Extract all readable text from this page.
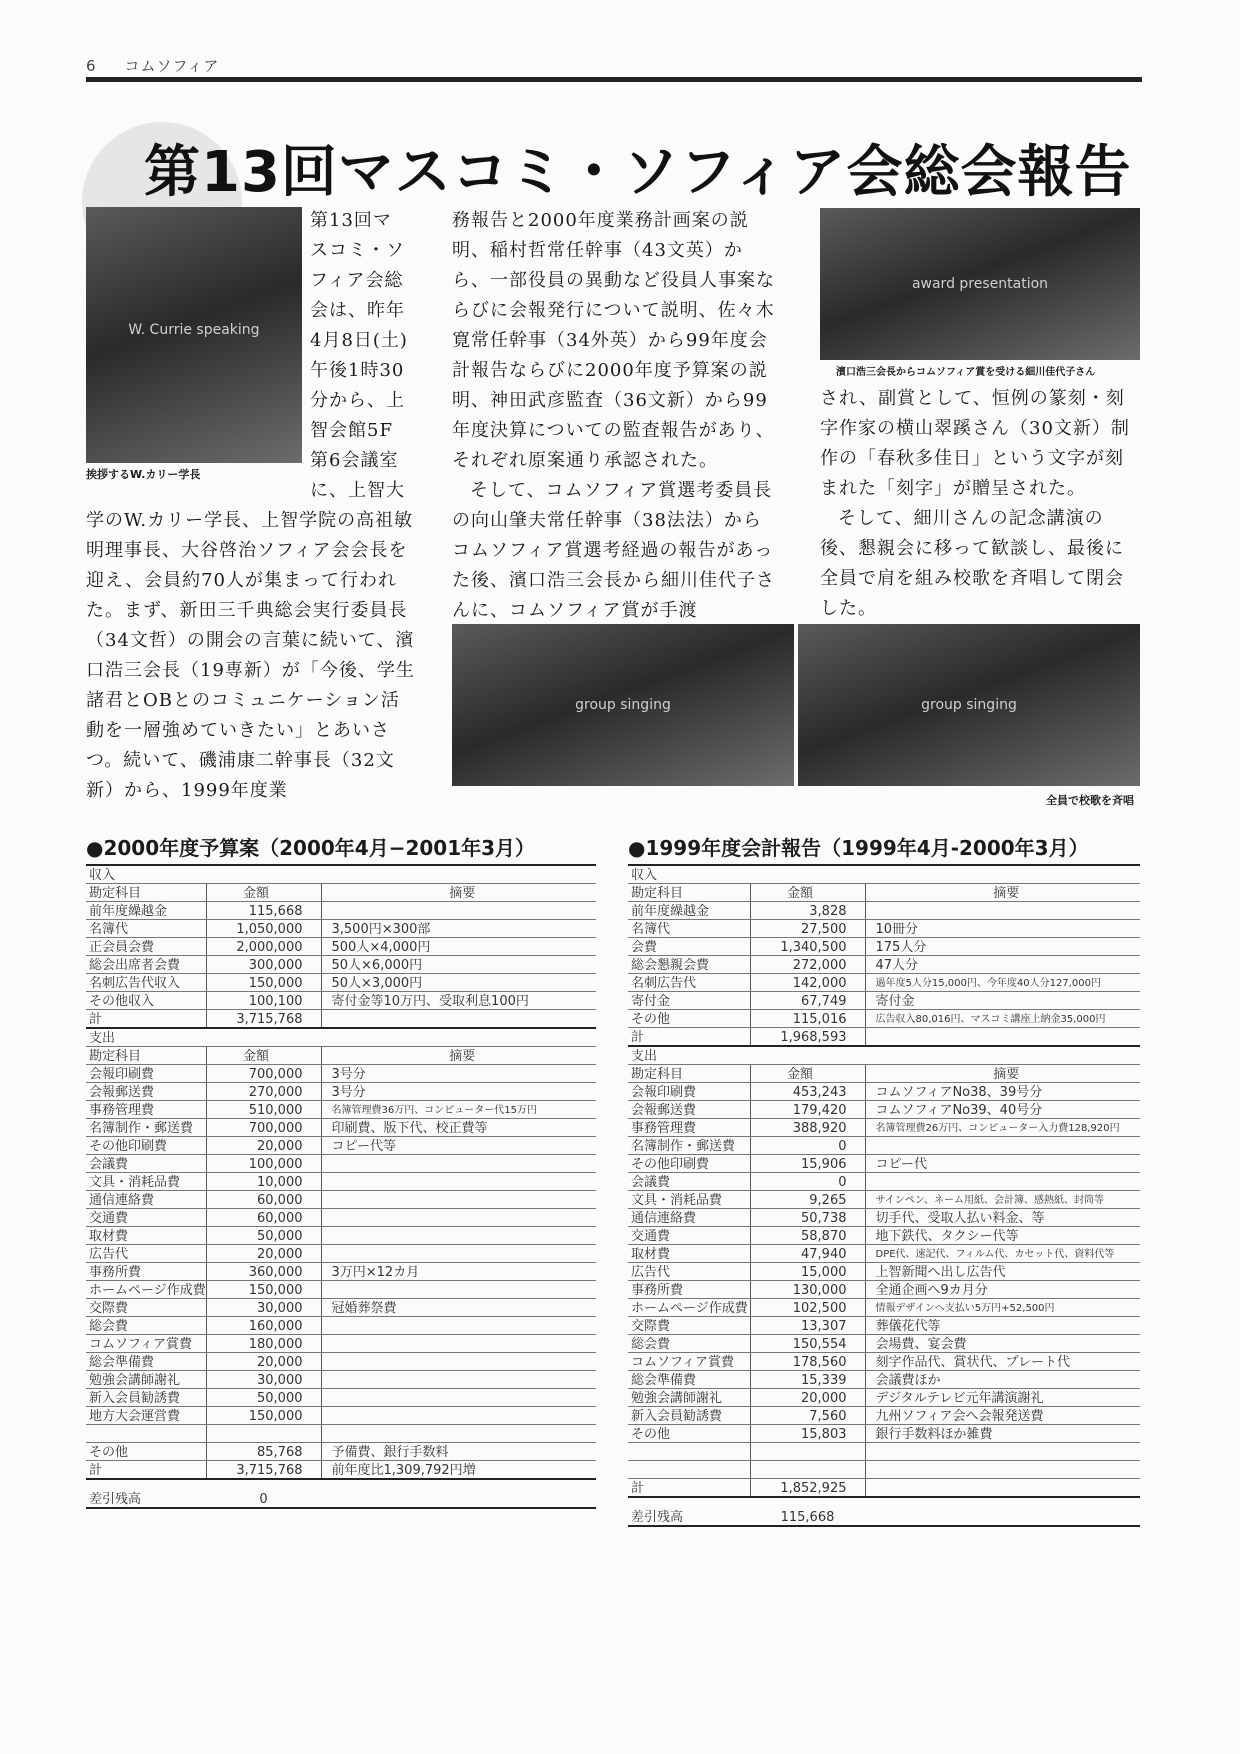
6 コムソフィア
第13回マスコミ・ソフィア会総会報告
W. Currie speaking
挨拶するW.カリー学長
第13回マ
スコミ・ソ
フィア会総
会は、昨年
4月8日(土)
午後1時30
分から、上
智会館5F
第6会議室
に、上智大

学のW.カリー学長、上智学院の高祖敏明理事長、大谷啓治ソフィア会会長を迎え、会員約70人が集まって行われた。まず、新田三千典総会実行委員長（34文哲）の開会の言葉に続いて、濱口浩三会長（19専新）が「今後、学生諸君とOBとのコミュニケーション活動を一層強めていきたい」とあいさつ。続いて、磯浦康二幹事長（32文新）から、1999年度業

務報告と2000年度業務計画案の説明、稲村哲常任幹事（43文英）から、一部役員の異動など役員人事案ならびに会報発行について説明、佐々木寛常任幹事（34外英）から99年度会計報告ならびに2000年度予算案の説明、神田武彦監査（36文新）から99年度決算についての監査報告があり、それぞれ原案通り承認された。

そして、コムソフィア賞選考委員長の向山肇夫常任幹事（38法法）からコムソフィア賞選考経過の報告があった後、濱口浩三会長から細川佳代子さんに、コムソフィア賞が手渡

award presentation
濱口浩三会長からコムソフィア賞を受ける細川佳代子さん

され、副賞として、恒例の篆刻・刻字作家の横山翠蹊さん（30文新）制作の「春秋多佳日」という文字が刻まれた「刻字」が贈呈された。

そして、細川さんの記念講演の後、懇親会に移って歓談し、最後に全員で肩を組み校歌を斉唱して閉会した。

group singing	group singing
全員で校歌を斉唱
●2000年度予算案（2000年4月−2001年3月）	●1999年度会計報告（1999年4月-2000年3月）
収入		
勘定科目	金額	摘要
前年度繰越金	115,668	
名簿代	1,050,000	3,500円×300部
正会員会費	2,000,000	500人×4,000円
総会出席者会費	300,000	50人×6,000円
名刺広告代収入	150,000	50人×3,000円
その他収入	100,100	寄付金等10万円、受取利息100円
計	3,715,768	
支出		
勘定科目	金額	摘要
会報印刷費	700,000	3号分
会報郵送費	270,000	3号分
事務管理費	510,000	名簿管理費36万円、コンピューター代15万円
名簿制作・郵送費	700,000	印刷費、版下代、校正費等
その他印刷費	20,000	コピー代等
会議費	100,000	
文具・消耗品費	10,000	
通信連絡費	60,000	
交通費	60,000	
取材費	50,000	
広告代	20,000	
事務所費	360,000	3万円×12カ月
ホームページ作成費	150,000	
交際費	30,000	冠婚葬祭費
総会費	160,000	
コムソフィア賞費	180,000	
総会準備費	20,000	
勉強会講師謝礼	30,000	
新入会員勧誘費	50,000	
地方大会運営費	150,000	

その他	85,768	予備費、銀行手数料
計	3,715,768	前年度比1,309,792円増

差引残高	0	
収入		
勘定科目	金額	摘要
前年度繰越金	3,828	
名簿代	27,500	10冊分
会費	1,340,500	175人分
総会懇親会費	272,000	47人分
名刺広告代	142,000	過年度5人分15,000円、今年度40人分127,000円
寄付金	67,749	寄付金
その他	115,016	広告収入80,016円、マスコミ講座上納金35,000円
計	1,968,593	
支出		
勘定科目	金額	摘要
会報印刷費	453,243	コムソフィアNo38、39号分
会報郵送費	179,420	コムソフィアNo39、40号分
事務管理費	388,920	名簿管理費26万円、コンピューター入力費128,920円
名簿制作・郵送費	0	
その他印刷費	15,906	コピー代
会議費	0	
文具・消耗品費	9,265	サインペン、ネーム用紙、会計簿、感熱紙、封筒等
通信連絡費	50,738	切手代、受取人払い料金、等
交通費	58,870	地下鉄代、タクシー代等
取材費	47,940	DPE代、速記代、フィルム代、カセット代、資料代等
広告代	15,000	上智新聞へ出し広告代
事務所費	130,000	全通企画へ9カ月分
ホームページ作成費	102,500	情報デザインへ支払い5万円+52,500円
交際費	13,307	葬儀花代等
総会費	150,554	会場費、宴会費
コムソフィア賞費	178,560	刻字作品代、賞状代、プレート代
総会準備費	15,339	会議費ほか
勉強会講師謝礼	20,000	デジタルテレビ元年講演謝礼
新入会員勧誘費	7,560	九州ソフィア会へ会報発送費
その他	15,803	銀行手数料ほか雑費

計	1,852,925	

差引残高	115,668	
